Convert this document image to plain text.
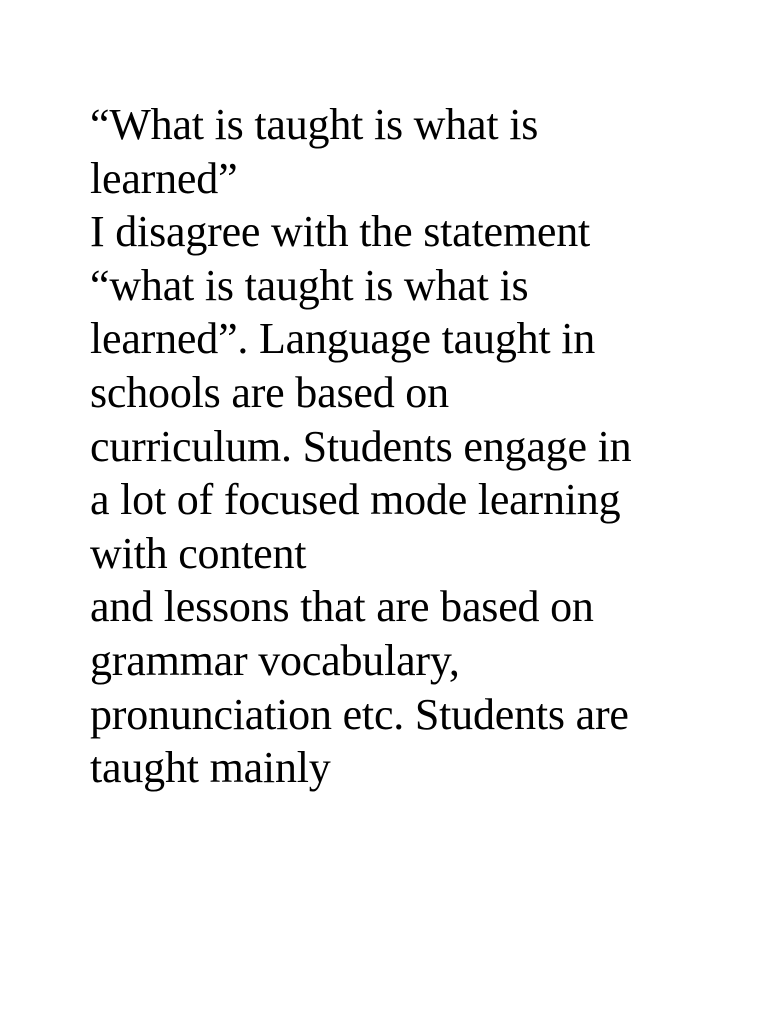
“What is taught is what is
learned”
I disagree with the statement
“what is taught is what is
learned”. Language taught in
schools are based on
curriculum. Students engage in
a lot of focused mode learning
with content
and lessons that are based on
grammar vocabulary,
pronunciation etc. Students are
taught mainly
